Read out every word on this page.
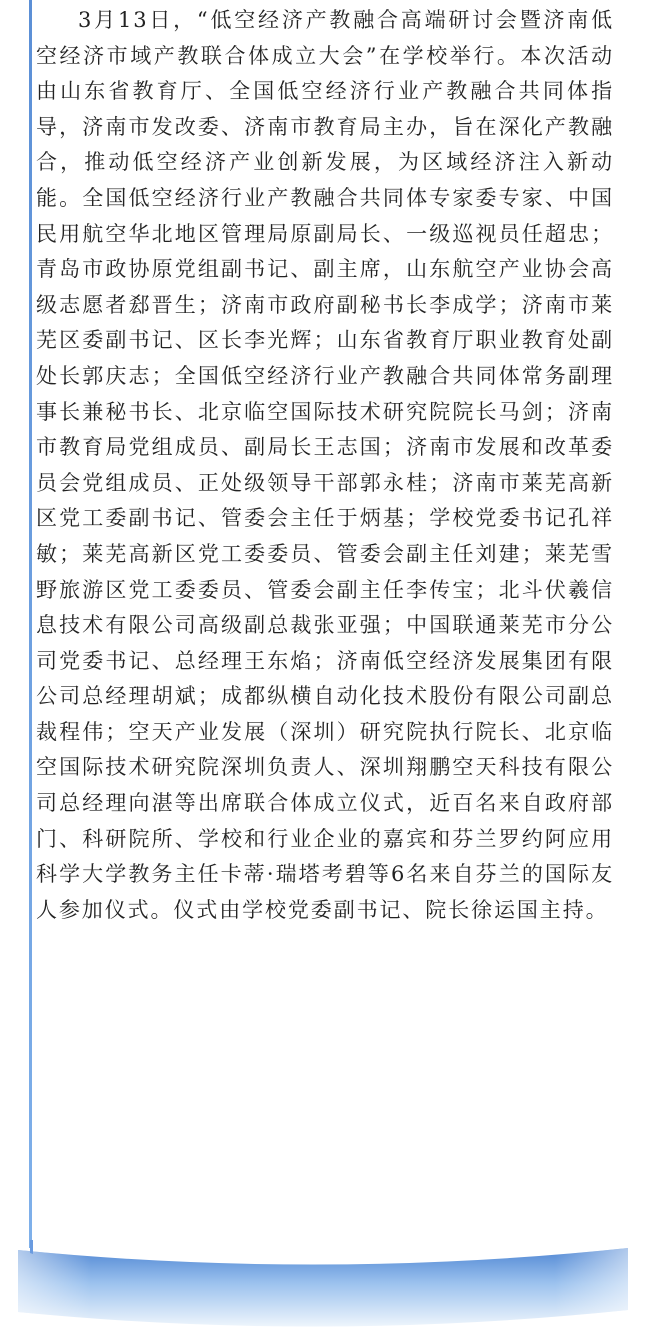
3月13日，“低空经济产教融合高端研讨会暨济南低空经济市域产教联合体成立大会”在学校举行。本次活动由山东省教育厅、全国低空经济行业产教融合共同体指导，济南市发改委、济南市教育局主办，旨在深化产教融合，推动低空经济产业创新发展，为区域经济注入新动能。全国低空经济行业产教融合共同体专家委专家、中国民用航空华北地区管理局原副局长、一级巡视员任超忠；青岛市政协原党组副书记、副主席，山东航空产业协会高级志愿者郄晋生；济南市政府副秘书长李成学；济南市莱芜区委副书记、区长李光辉；山东省教育厅职业教育处副处长郭庆志；全国低空经济行业产教融合共同体常务副理事长兼秘书长、北京临空国际技术研究院院长马剑；济南市教育局党组成员、副局长王志国；济南市发展和改革委员会党组成员、正处级领导干部郭永桂；济南市莱芜高新区党工委副书记、管委会主任于炳基；学校党委书记孔祥敏；莱芜高新区党工委委员、管委会副主任刘建；莱芜雪野旅游区党工委委员、管委会副主任李传宝；北斗伏羲信息技术有限公司高级副总裁张亚强；中国联通莱芜市分公司党委书记、总经理王东焰；济南低空经济发展集团有限公司总经理胡斌；成都纵横自动化技术股份有限公司副总裁程伟；空天产业发展（深圳）研究院执行院长、北京临空国际技术研究院深圳负责人、深圳翔鹏空天科技有限公司总经理向湛等出席联合体成立仪式，近百名来自政府部门、科研院所、学校和行业企业的嘉宾和芬兰罗约阿应用科学大学教务主任卡蒂·瑞塔考碧等6名来自芬兰的国际友人参加仪式。仪式由学校党委副书记、院长徐运国主持。
